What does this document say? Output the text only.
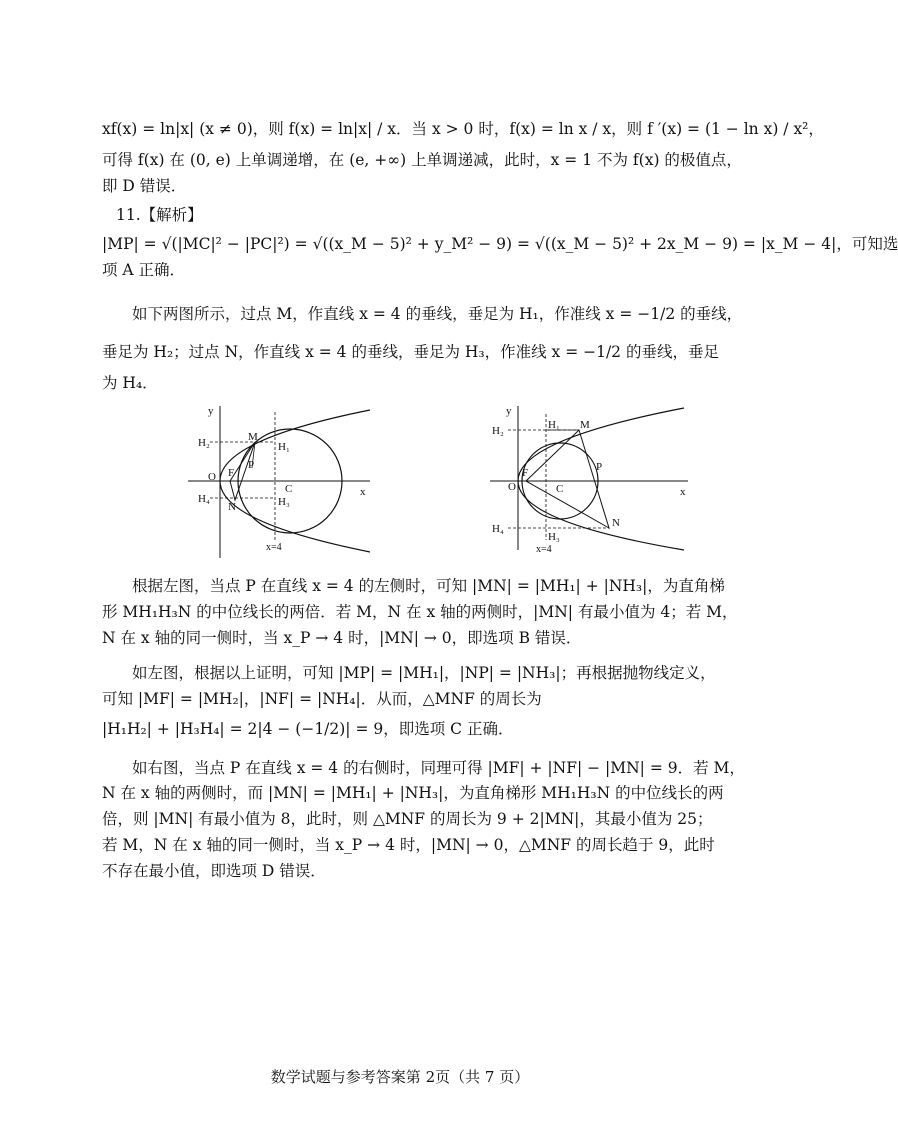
xf(x) = ln|x| (x ≠ 0)，则 f(x) = ln|x| / x．当 x > 0 时，f(x) = ln x / x，则 f ′(x) = (1 − ln x) / x²，
可得 f(x) 在 (0, e) 上单调递增，在 (e, +∞) 上单调递减，此时，x = 1 不为 f(x) 的极值点，
即 D 错误．
11.【解析】
|MP| = √(|MC|² − |PC|²) = √((x_M − 5)² + y_M² − 9) = √((x_M − 5)² + 2x_M − 9) = |x_M − 4|，可知选
项 A 正确．
如下两图所示，过点 M，作直线 x = 4 的垂线，垂足为 H₁，作准线 x = −1/2 的垂线，
垂足为 H₂；过点 N，作直线 x = 4 的垂线，垂足为 H₃，作准线 x = −1/2 的垂线，垂足
为 H₄．
y
x
O F
M
N
P
C
H₁
H₂
H₃
H₄
x=4
y
x
O
F
M
N
P
C
H₁
H₂
H₃
H₄
x=4
根据左图，当点 P 在直线 x = 4 的左侧时，可知 |MN| = |MH₁| + |NH₃|，为直角梯
形 MH₁H₃N 的中位线长的两倍．若 M，N 在 x 轴的两侧时，|MN| 有最小值为 4；若 M，
N 在 x 轴的同一侧时，当 x_P → 4 时，|MN| → 0，即选项 B 错误．
如左图，根据以上证明，可知 |MP| = |MH₁|，|NP| = |NH₃|；再根据抛物线定义，
可知 |MF| = |MH₂|，|NF| = |NH₄|．从而，△MNF 的周长为
|H₁H₂| + |H₃H₄| = 2|4 − (−1/2)| = 9，即选项 C 正确．
如右图，当点 P 在直线 x = 4 的右侧时，同理可得 |MF| + |NF| − |MN| = 9．若 M，
N 在 x 轴的两侧时，而 |MN| = |MH₁| + |NH₃|，为直角梯形 MH₁H₃N 的中位线长的两
倍，则 |MN| 有最小值为 8，此时，则 △MNF 的周长为 9 + 2|MN|，其最小值为 25；
若 M，N 在 x 轴的同一侧时，当 x_P → 4 时，|MN| → 0，△MNF 的周长趋于 9，此时
不存在最小值，即选项 D 错误．
数学试题与参考答案第 2页（共 7 页）
